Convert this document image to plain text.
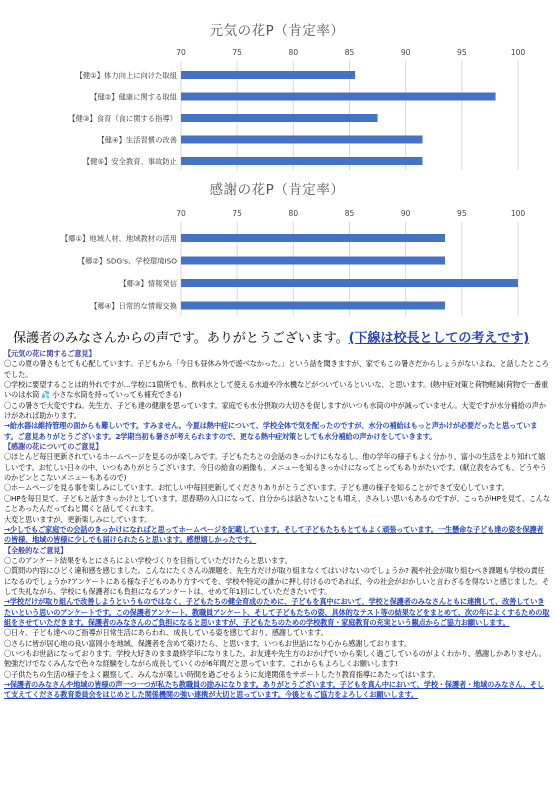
元気の花P（肯定率）
70	75	80	85	90	95	100
【健①】体力向上に向けた取組
【健②】健康に関する取組
【健③】食育（食に関する指導）
【健④】生活習慣の改善
【健⑤】安全教育、事故防止
感謝の花P（肯定率）
70	75	80	85	90	95	100
【郷①】地域人材、地域教材の活用
【郷②】SDG's、学校環境ISO
【郷③】情報発信
【郷④】日常的な情報交換
保護者のみなさんからの声です。ありがとうございます。(下線は校長としての考えです)

【元気の花に関するご意見】

〇この夏の暑さもとても心配しています。子どもから「今日も昼休み外で遊べなかった。」という話を聞きますが、家でもこの暑さだからしょうがないよね、と話したところでした。

〇学校に要望することは的外れですが…学校に1箇所でも、飲料水として使える水道や冷水機などがついているといいな、と思います。(熱中症対策と荷物軽減(荷物で一番重いのは水筒 💦 小さな水筒を持っていっても補充できる)

〇この暑さで大変ですね。先生方、子ども達の健康を思っています。家庭でも水分摂取の大切さを促しますがいつも水筒の中が減っていません。大変ですが水分補給の声かけがあれば助かります。

→給水器は維持管理の面からも難しいです。すみません。今夏は熱中症について、学校全体で気を配ったのですが、水分の補給はもっと声かけが必要だったと思っています。ご意見ありがとうございます。2学期当初も暑さが考えられますので、更なる熱中症対策としても水分補給の声かけをしていきます。

【感謝の花についてのご意見】

〇ほとんど毎日更新されているホームページを見るのが楽しみです。子どもたちとの会話のきっかけにもなるし、他の学年の様子もよく分かり、富小の生活をより知れて嬉しいです。お忙しい日々の中、いつもありがとうございます。今日の給食の画像も、メニューを知るきっかけになってとってもありがたいです。(献立表をみても、どうやうのかピンとこないメニューもあるので)

〇ホームページを見る事を楽しみにしています。お忙しい中毎回更新してくださりありがとうございます。子ども達の様子を知ることができて安心しています。

〇HPを毎日見て、子どもと話すきっかけとしています。思春期の入口になって、自分からは話さないことも増え、さみしい思いもあるのですが、こっちがHPを見て、こんなことあったんだってねと聞くと話してくれます。

大変と思いますが、更新楽しみにしています。

→少しでもご家庭での会話のきっかけになればと思ってホームページを記載しています。そして子どもたちもとてもよく頑張っています。一生懸命な子ども達の姿を保護者の皆様、地域の皆様に少しでも届けられたらと思います。感想嬉しかったです。

【全般的なご意見】

〇このアンケート結果をもとにさらによい学校づくりを目指していただけたらと思います。

〇質問の内容にひどく違和感を感じました。こんなにたくさんの課題を、先生方だけが取り組まなくてはいけないのでしょうか? 親や社会が取り組むべき課題も学校の責任になるのでしょうか?アンケートにある様な子どものあり方すべてを、学校や特定の誰かに押し付けるのであれば、今の社会がおかしいと言わざるを得ないと感じました。そして失礼ながら、学校にも保護者にも負担になるアンケートは、せめて年1回にしていただきたいです。

→学校だけが取り組んで改善しようというものではなく、子どもたちの健全育成のために、子どもを真中において、学校と保護者のみなさんともに連携して、改善していきたいという思いのアンケートです。この保護者アンケート、教職員アンケート、そして子どもたちの姿、具体的なテスト等の結果などをまとめて、次の年によくするための取組をさせていただきます。保護者のみなさんのご負担になると思いますが、子どもたちのための学校教育・家庭教育の充実という観点からご協力お願いします。

〇日々、子ども達へのご指導が日常生活にあらわれ、成長している姿を感じており、感謝しています。

〇さらに皆が居心地の良い富岡小を地域、保護者を含めて築けたら、と思います。いつもお世話になり心から感謝しております。

〇いつもお世話になっております。学校大好きのまま最終学年になりました。お友達や先生方のおかげでいから楽しく過ごしているのがよくわかり、感謝しかありません。勉強だけでなくみんなで色々な経験をしながら成長していくのが6年間だと思っています。これからもよろしくお願いします!

〇子供たちの生活の様子をよく観察して、みんなが楽しい時間を過ごせるように友達関係をサポートしたり教育指導にあたってはいます。

→保護者のみなさんや地域の皆様の声一つ一つが私たち教職員の励みになります。ありがとうございます。子どもを真ん中において、学校・保護者・地域のみなさん、そして支えてくださる教育委員会をはじめとした関係機関の強い連携が大切と思っています。今後ともご協力をよろしくお願いします。
